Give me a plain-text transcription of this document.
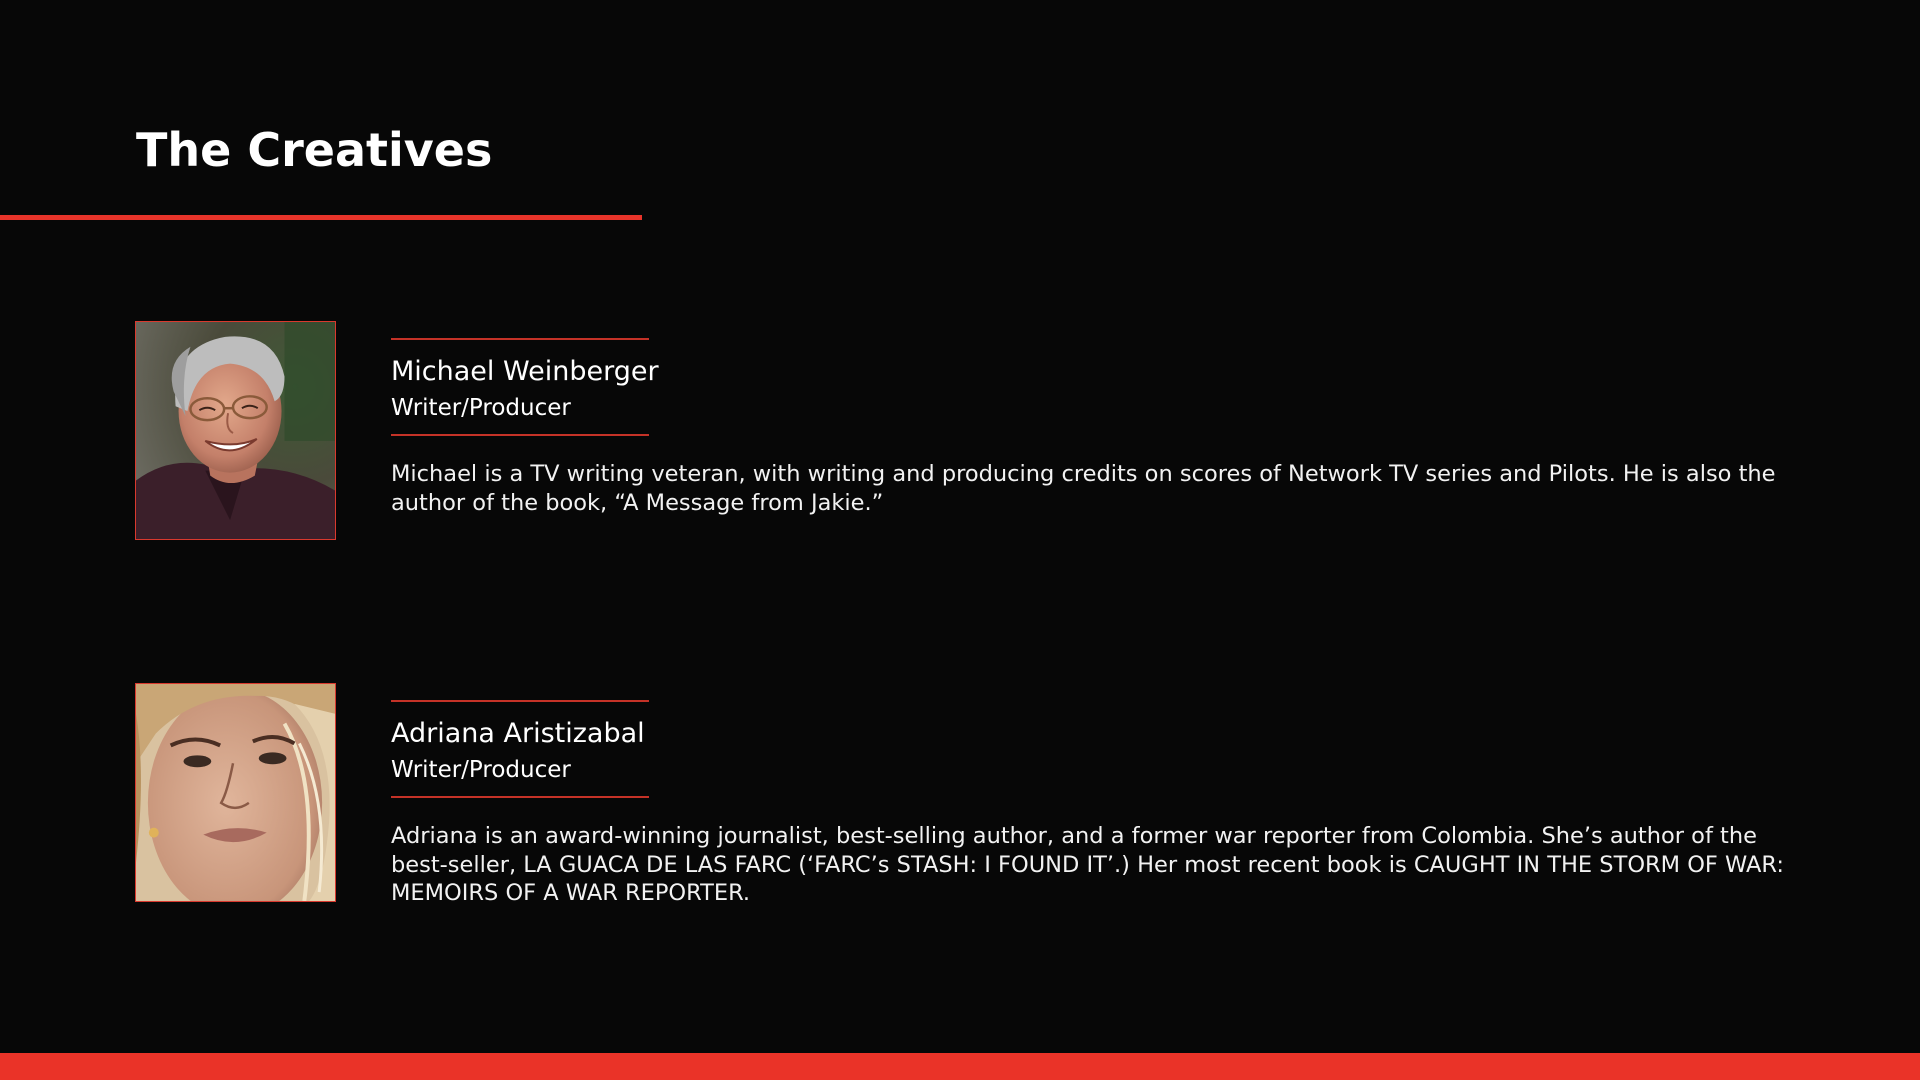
The Creatives
Michael Weinberger

Writer/Producer

Michael is a TV writing veteran, with writing and producing credits on scores of Network TV series and Pilots. He is also the author of the book, “A Message from Jakie.”

Adriana Aristizabal

Writer/Producer

Adriana is an award-winning journalist, best-selling author, and a former war reporter from Colombia. She’s author of the best-seller, LA GUACA DE LAS FARC (‘FARC’s STASH: I FOUND IT’.) Her most recent book is CAUGHT IN THE STORM OF WAR: MEMOIRS OF A WAR REPORTER.
